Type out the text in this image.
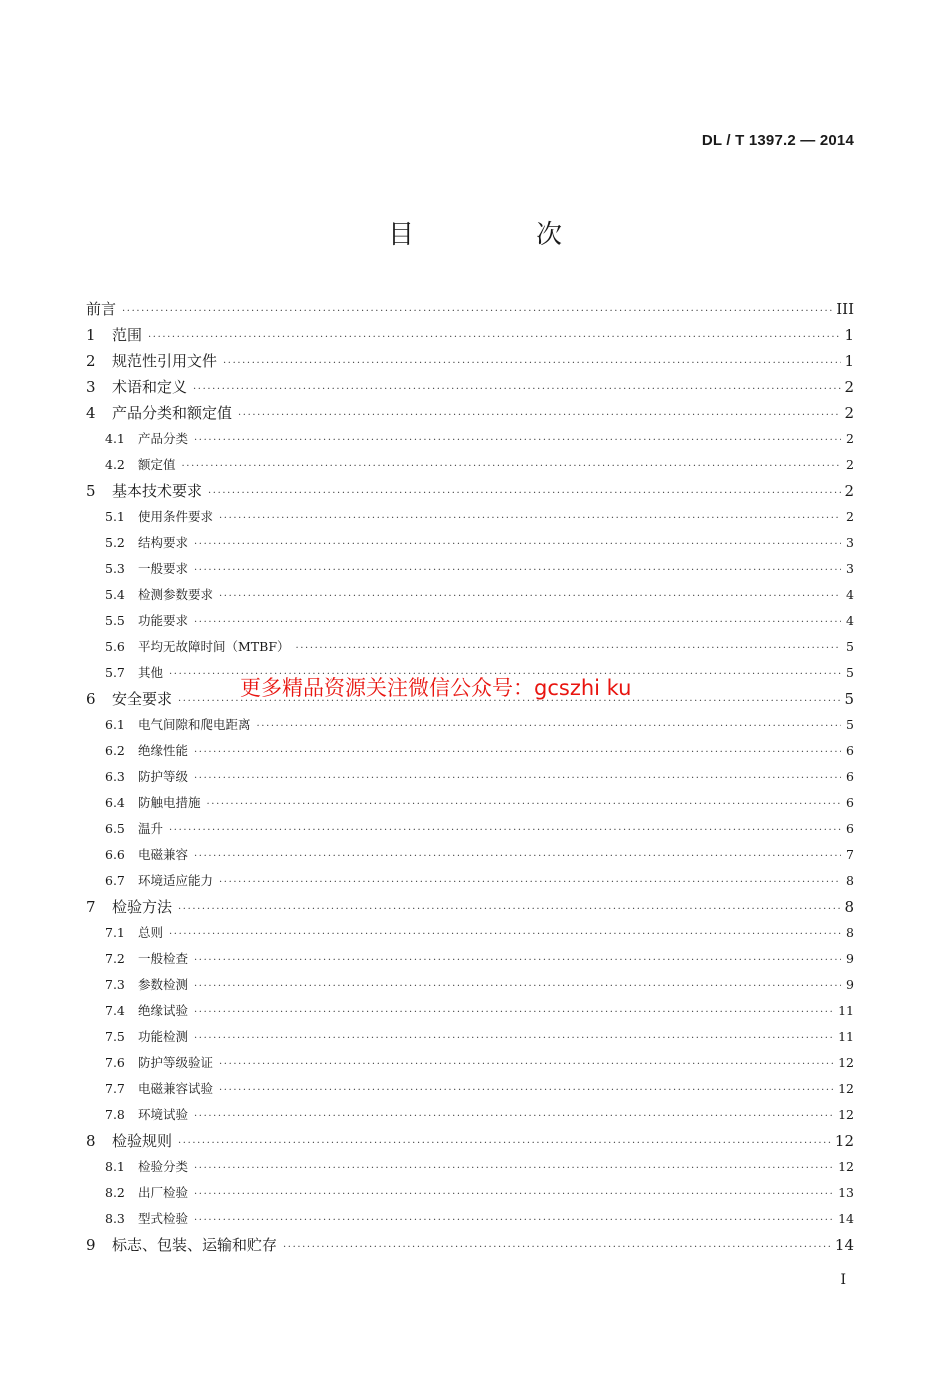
DL / T 1397.2 — 2014
目　次
前言 ·····	III
1	范围 ·····	1
2	规范性引用文件 ·····	1
3	术语和定义 ·····	2
4	产品分类和额定值 ·····	2
4.1	产品分类 ·····	2
4.2	额定值 ·····	2
5	基本技术要求 ·····	2
5.1	使用条件要求 ·····	2
5.2	结构要求 ·····	3
5.3	一般要求 ·····	3
5.4	检测参数要求 ·····	4
5.5	功能要求 ·····	4
5.6	平均无故障时间（MTBF） ·····	5
5.7	其他 ·····	5
6	安全要求 ·····	5
6.1	电气间隙和爬电距离 ·····	5
6.2	绝缘性能 ·····	6
6.3	防护等级 ·····	6
6.4	防触电措施 ·····	6
6.5	温升 ·····	6
6.6	电磁兼容 ·····	7
6.7	环境适应能力 ·····	8
7	检验方法 ·····	8
7.1	总则 ·····	8
7.2	一般检查 ·····	9
7.3	参数检测 ·····	9
7.4	绝缘试验 ·····	11
7.5	功能检测 ·····	11
7.6	防护等级验证 ·····	12
7.7	电磁兼容试验 ·····	12
7.8	环境试验 ·····	12
8	检验规则 ·····	12
8.1	检验分类 ·····	12
8.2	出厂检验 ·····	13
8.3	型式检验 ·····	14
9	标志、包装、运输和贮存 ·····	14
更多精品资源关注微信公众号：gcszhi ku
I
